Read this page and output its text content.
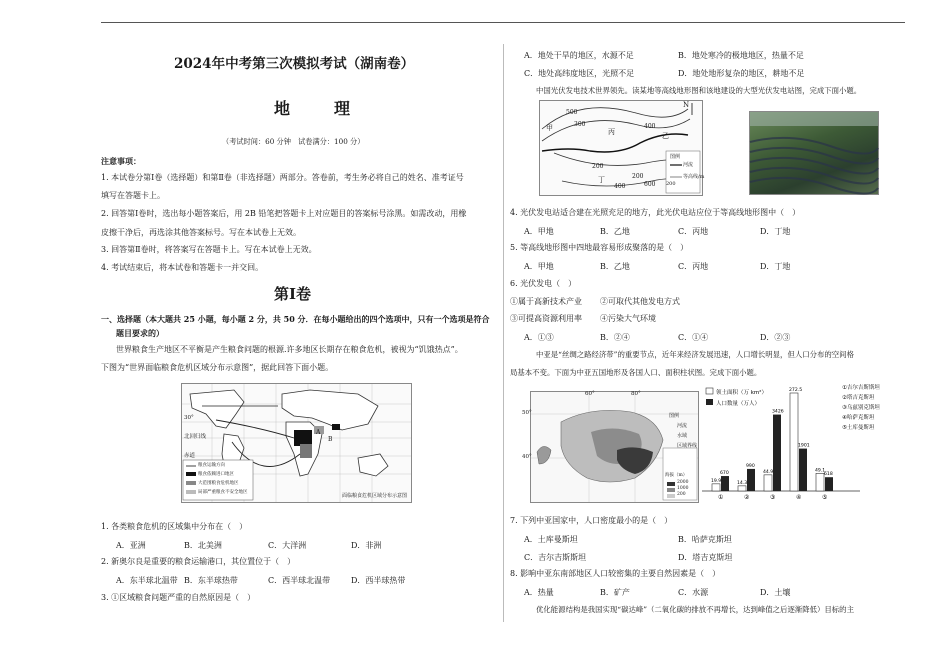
2024年中考第三次模拟考试（湖南卷）
地　理
（考试时间：60 分钟　试卷满分：100 分）
注意事项：
1. 本试卷分第Ⅰ卷（选择题）和第Ⅱ卷（非选择题）两部分。答卷前，考生务必将自己的姓名、准考证号
填写在答题卡上。
2. 回答第Ⅰ卷时，选出每小题答案后，用 2B 铅笔把答题卡上对应题目的答案标号涂黑。如需改动，用橡
皮擦干净后，再选涂其他答案标号。写在本试卷上无效。
3. 回答第Ⅱ卷时，将答案写在答题卡上。写在本试卷上无效。
4. 考试结束后，将本试卷和答题卡一并交回。
第Ⅰ卷
一、选择题（本大题共 25 小题，每小题 2 分，共 50 分．在每小题给出的四个选项中，只有一个选项是符合
题目要求的）
世界粮食生产地区不平衡是产生粮食问题的根源.许多地区长期存在粮食危机，被视为“饥饿热点”。
下图为“世界面临粮食危机区域分布示意图”，据此回答下面小题。
30°
北回归线
赤道
A
B
粮食运输方向
粮食依赖进口地区
大范围粮食危机地区
局部严重粮食不安全地区
面临粮食危机区域分布示意图
1. 各类粮食危机的区域集中分布在（　）
A．亚洲	B．北美洲	C．大洋洲	D．非洲
2. 新奥尔良是重要的粮食运输港口，其位置位于（　）
A．东半球北温带 B．东半球热带	C．西半球北温带	D．西半球热带
3. ①区域粮食问题严重的自然原因是（　）
A．地处干旱的地区，水源不足	B．地处寒冷的极地地区，热量不足
C．地处高纬度地区，光照不足	D．地处地形复杂的地区，耕地不足
中国光伏发电技术世界领先。读某地等高线地形图和该地建设的大型光伏发电站图，完成下面小题。
甲
乙
丙
丁
500
300	400
200
200
400	600
N
图例
河流
200
等高线/m
4. 光伏发电站适合建在光照充足的地方，此光伏电站应位于等高线地形图中（　）
A．甲地	B．乙地	C．丙地	D．丁地
5. 等高线地形图中四地最容易形成聚落的是（　）
A．甲地	B．乙地	C．丙地	D．丁地
6. 光伏发电（　）
①属于高新技术产业 ②可取代其他发电方式
③可提高资源利用率 ④污染大气环境
A．①③	B．②④	C．①④	D．②③
中亚是“丝绸之路经济带”的重要节点，近年来经济发展迅速，人口增长明显，但人口分布的空间格
局基本不变。下面为中亚五国地形及各国人口、面积柱状图。完成下面小题。
60°	80°
50°
40°
图例
河流
水域
区域界线
海拔（m）
2000
1000
200
领土面积（万 km²）
人口数量（万人）
19.9
670
①
14.3
990
②
44.9
3426
③
272.5
1901
④
49.1
618
⑤
①吉尔吉斯斯坦
②塔吉克斯坦
③乌兹别克斯坦
④哈萨克斯坦
⑤土库曼斯坦
7. 下列中亚国家中，人口密度最小的是（　）
A．土库曼斯坦	B．哈萨克斯坦
C．吉尔吉斯斯坦	D．塔吉克斯坦
8. 影响中亚东南部地区人口较密集的主要自然因素是（　）
A．热量	B．矿产	C．水源	D．土壤
优化能源结构是我国实现“碳达峰”（二氧化碳的排放不再增长，达到峰值之后逐渐降低）目标的主
